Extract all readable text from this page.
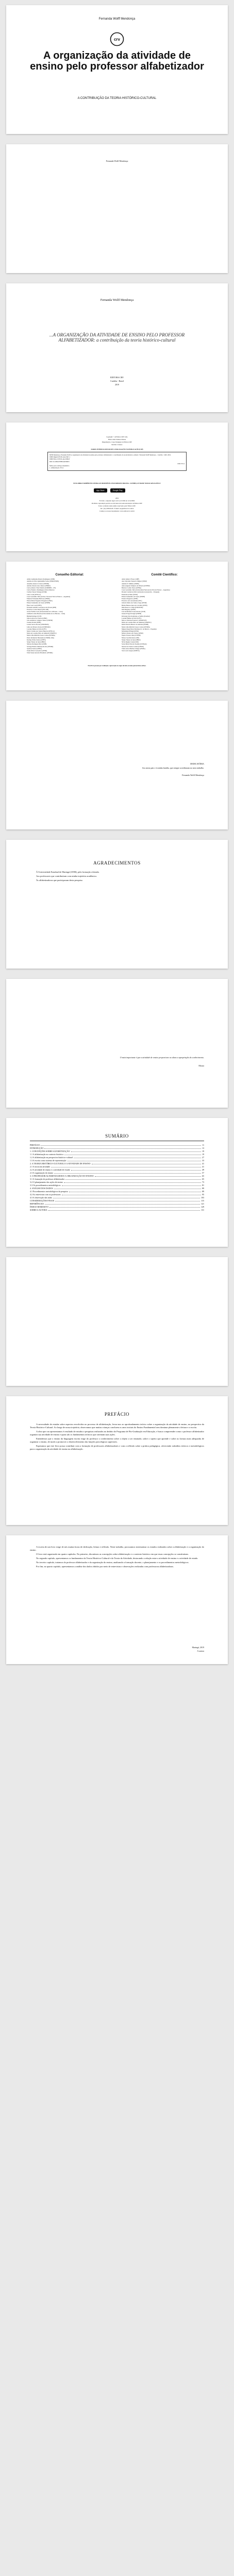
Fernanda Wolff Mendonça
crv
A organização da atividade de ensino pelo professor alfabetizador
A CONTRIBUIÇÃO DA TEORIA HISTÓRICO-CULTURAL
Fernanda Wolff Mendonça
Fernanda Wolff Mendonça
...A ORGANIZAÇÃO DA ATIVIDADE DE ENSINO PELO PROFESSOR ALFABETIZADOR: a contribuição da teoria histórico-cultural
EDITORA CRV
Curitiba - Brasil
2019
Copyright © da Editora CRV Ltda.
Editor-chefe: Railson Moura
Diagramação e Capa: Designers da Editora CRV
Revisão: O Autor
DADOS INTERNACIONAIS DE CATALOGAÇÃO NA PUBLICAÇÃO (CIP)
M539 Mendonça, Fernanda Wolff. A organização da atividade de ensino pelo professor alfabetizador: a contribuição da teoria histórico-cultural / Fernanda Wolff Mendonça – Curitiba : CRV, 2019.
ISBN Digital 978-85-444-3367-1
ISBN Físico 978-85-444-3368-8
DOI 10.24824/978854443368.8
CDD 372.4
Índice para catálogo sistemático
1. Alfabetização 372.4
ESTA OBRA TAMBÉM ENCONTRA-SE DISPONÍVEL EM FORMATO DIGITAL. CONHEÇA E BAIXE NOSSO APLICATIVO!
App Store	Google Play
2019
Foi feito o depósito legal conf. Lei 10.994 de 14/12/2004
Proibida a reprodução parcial ou total desta obra sem autorização da Editora CRV
Todos os direitos desta edição reservados pela: Editora CRV
Tel.: (41) 3039-6418 - E-mail: sac@editoracrv.com.br
Conheça os nossos lançamentos: www.editoracrv.com.br
Conselho Editorial:
Aldira Guimarães Duarte Domínguez (UNB)
Andréia da Silva Quintanilha Sousa (UNIR/UFRN)
Anselmo Alencar Colares (UFOPA)
Antônio Pereira Gaio Júnior (UFRRJ)
Carlos Alberto Vilar Estêvão (UMINHO – PT)
Carlos Federico Dominguez Avila (Unieuro)
Carmen Tereza Velanga (UNIR)
Celso Conti (UFSCar)
Cesar Gerónimo Tello (Univer. Nacional Três de Febrero – Argentina)
Eduardo Fernandes Barbosa (UFMG)
Elione Maria Nogueira Diogenes (UFAL)
Elizeu Clementino de Souza (UNEB)
Élsio José Corá (UFFS)
Fernando Antônio Gonçalves Alcoforado (IPB)
Francisco Carlos Duarte (PUC-PR)
Gloria Fariñas León (Universidade de La Havana – Cuba)
Guillermo Arias Beatón (Universidade de La Havana – Cuba)
Helmuth Krüger (UCP)
Jailson Alves dos Santos (UFRJ)
João Adalberto Campato Junior (UNESP)
Josania Portela (UFPI)
Leonel Severo Rocha (UNISINOS)
Lídia de Oliveira Xavier (UNIEURO)
Lourdes Helena da Silva (UFV)
Maria Cristina dos Santos Bezerra (UFSCar)
Maria de Lourdes Pinto de Almeida (UNOESC)
Maria Lília Imbiriba Sousa Colares (UFOPA)
Paulo Romualdo Hernandes (UNIFAL-MG)
Rodrigo Pratte-Santos (UFES)
Sérgio Nunes de Jesus (IFRO)
Simone Rodrigues Pinto (UNB)
Solange Helena Ximenes-Rocha (UFOPA)
Sydione Santos (UEPG)
Tadeu Oliver Gonçalves (UFPA)
Tania Suely Azevedo Brasileiro (UFOPA)
Comitê Científico:
Altair Alberto Fávero (UPF)
Ana Chrystina Venancio Mignot (UERJ)
Andréia N. Militão (UEMS)
Anna Augusta Sampaio de Oliveira (UNESP)
Barbara Coelho Neves (UFBA)
Cesar Gerónimo Tello (Universidad Nacional de Três de Febrero – Argentina)
Diosnel Centurion (Univ Autónoma de Asunción – Paraguai)
Eliane Rose Maio (UEM)
Elizeu Clementino de Souza (UNEB)
Fauston Negreiros (UFPI)
Francisco Ari de Andrade (UFC)
Gláucia Maria dos Santos Jorge (UFOP)
Helder Buenos Aires de Carvalho (UFPI)
Ilma Passos A. Veiga (UNICEUB)
Inês Bragança (UERJ)
José de Ribamar Sousa Pereira (UCB)
Jussara Fraga Portugal (UNEB)
Kilwangy Kya Kapitango-a-Samba (Unemat)
Lourdes Helena da Silva (UFV)
Marcos Vinicius Francisco (UNOESTE)
Maria de Lourdes Pinto de Almeida (UNOESC)
Maria Eurácia Barreto de Andrade (UFRB)
Maria Lília Imbiriba Sousa Colares (UFOPA)
Míguel Ángel Pérez Martinez (U. de Murcia – Espanha)
Mohammed Elhajji (UFRJ)
Mônica Pereira dos Santos (UFRJ)
Najela Tavares Ujiie (UTFPR)
Nilson José Machado (USP)
Sérgio Nunes de Jesus (IFRO)
Silvia Regina Canan (URI)
Sonia Maria Ferreira Koehler (UNISAL)
Suzana dos Santos Gomes (UFMG)
Vânia Alves Martins Chaigar (FURG)
Vera Lucia Gaspar (UDESC)
Este livro passou por avaliação e aprovação às cegas de dois ou mais pareceristas ad hoc.
DEDICATÓRIA
Aos meus pais e à minha família, que sempre acreditaram no meu trabalho.
Fernanda Wolff Mendonça
AGRADECIMENTOS

À Universidade Estadual de Maringá (UEM), pela formação ofertada.

Aos professores que contribuíram com minha trajetória acadêmica.

Às alfabetizadoras que participaram desta pesquisa.

O mais importante é que a atividade de ensino proporcione ao aluno a apropriação do conhecimento.
Moura
SUMÁRIO
PREFÁCIO	11
INTRODUÇÃO	13
1. CONCEPÇÕES SOBRE ALFABETIZAÇÃO	19
1.1 A alfabetização no contexto histórico	19
1.2 A alfabetização na perspectiva histórico-cultural	27
1.3 A escrita como sistema de representação	33
2. A TEORIA HISTÓRICO-CULTURAL E A ATIVIDADE DE ENSINO	41
2.1 A teoria da atividade	41
2.2 A atividade de ensino e a atividade de estudo	49
2.3 A organização do ensino	57
3. O PROFESSOR ALFABETIZADOR E A ORGANIZAÇÃO DO ENSINO	65
3.1 A formação do professor alfabetizador	65
3.2 O planejamento das ações de ensino	73
3.3 Os procedimentos metodológicos	81
4. ANÁLISE DOS DADOS	89
4.1 Procedimentos metodológicos da pesquisa	89
4.2 As entrevistas com as professoras	95
4.3 A observação das aulas	103
CONSIDERAÇÕES FINAIS	115
REFERÊNCIAS	121
ÍNDICE REMISSIVO	129
SOBRE A AUTORA	131
PREFÁCIO

A necessidade de estudar sobre aspectos envolvidos no processo de alfabetização, levou-nos ao aprofundamento teórico sobre a organização da atividade de ensino, na perspectiva da Teoria Histórico-Cultural. Ao longo de nossa trajetória, observamos que muitas crianças concluem os anos iniciais do Ensino Fundamental sem dominar plenamente a leitura e a escrita.

A obra que ora apresentamos é resultado de estudos e pesquisas realizados no âmbito do Programa de Pós-Graduação em Educação, e busca compreender como o professor alfabetizador organiza sua atividade de ensino e quais são os fundamentos teóricos que orientam suas ações.

Entendemos que o ensino da linguagem escrita exige do professor o conhecimento sobre o objeto a ser ensinado, sobre o sujeito que aprende e sobre as formas mais adequadas de organizar o ensino, de modo a promover o desenvolvimento das funções psicológicas superiores.

Esperamos que este livro possa contribuir com a formação de professores alfabetizadores e com a reflexão sobre a prática pedagógica, oferecendo subsídios teóricos e metodológicos para a organização da atividade de ensino na alfabetização.

A escrita de um livro exige de nós muitas horas de dedicação, leitura e reflexão. Neste trabalho, procuramos sistematizar os estudos realizados sobre a alfabetização e a organização do ensino.

O livro está organizado em quatro capítulos. No primeiro, discutimos as concepções sobre alfabetização e o contexto histórico em que essas concepções se constituíram.

No segundo capítulo, apresentamos os fundamentos da Teoria Histórico-Cultural e da Teoria da Atividade, destacando a relação entre a atividade de ensino e a atividade de estudo.

No terceiro capítulo, tratamos do professor alfabetizador e da organização do ensino, analisando a formação docente, o planejamento e os procedimentos metodológicos.

Por fim, no quarto capítulo, apresentamos a análise dos dados obtidos por meio de entrevistas e observações realizadas com professoras alfabetizadoras.

Maringá, 2019
A autora
